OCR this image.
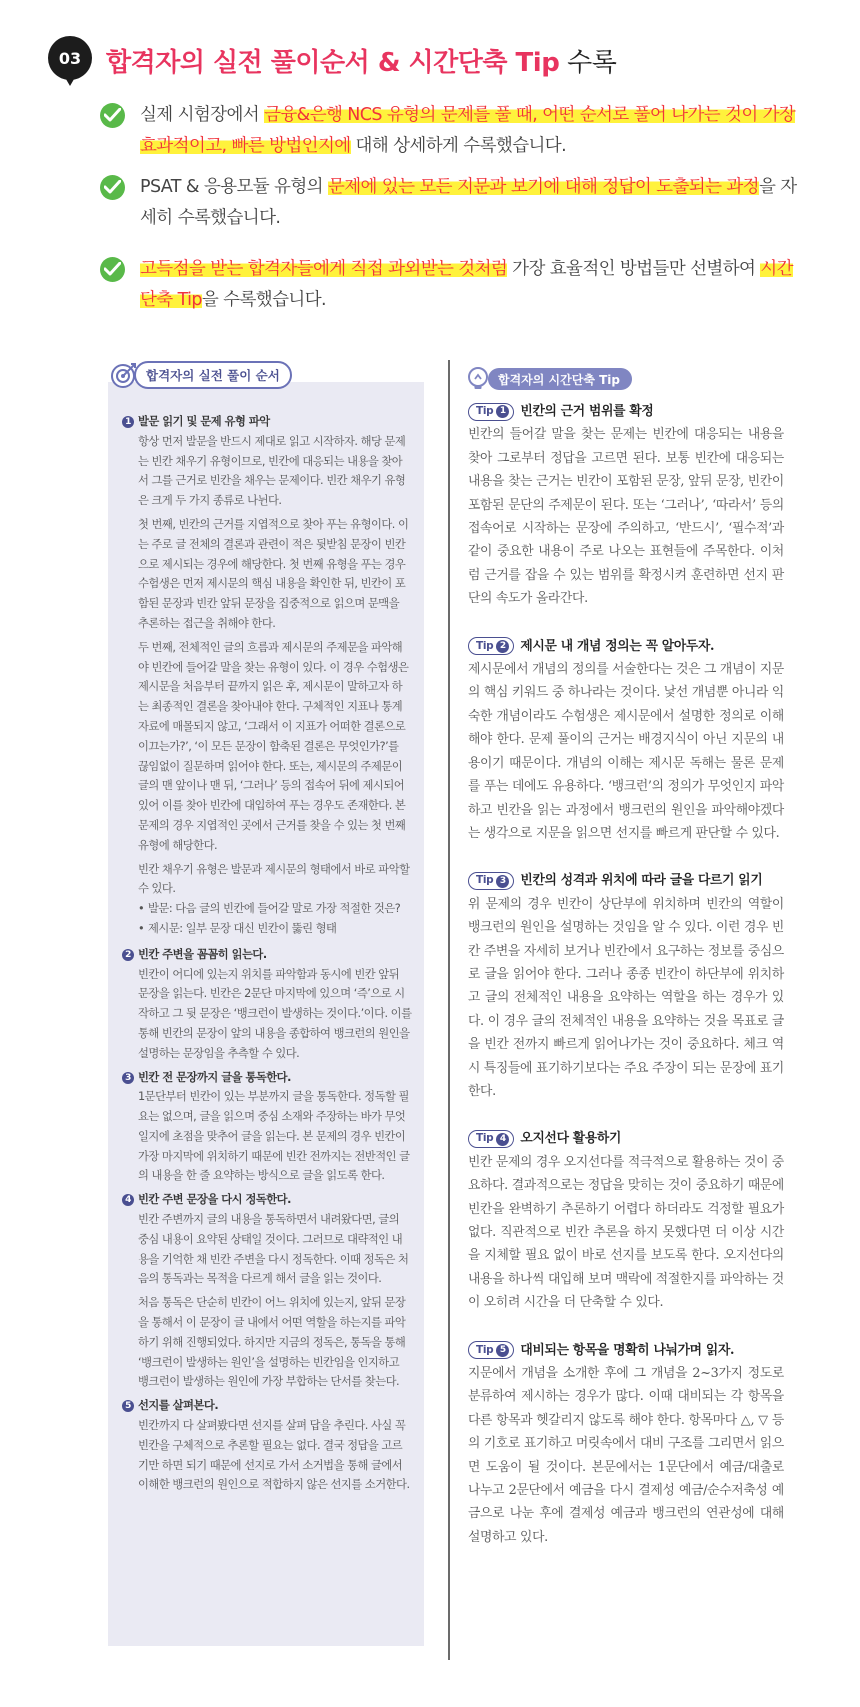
03 합격자의 실전 풀이순서 & 시간단축 Tip 수록
실제 시험장에서 금융&은행 NCS 유형의 문제를 풀 때, 어떤 순서로 풀어 나가는 것이 가장 효과적이고, 빠른 방법인지에 대해 상세하게 수록했습니다.
PSAT & 응용모듈 유형의 문제에 있는 모든 지문과 보기에 대해 정답이 도출되는 과정을 자세히 수록했습니다.
고득점을 받는 합격자들에게 직접 과외받는 것처럼 가장 효율적인 방법들만 선별하여 시간 단축 Tip을 수록했습니다.
합격자의 실전 풀이 순서
1 발문 읽기 및 문제 유형 파악
항상 먼저 발문을 반드시 제대로 읽고 시작하자. 해당 문제는 빈칸 채우기 유형이므로, 빈칸에 대응되는 내용을 찾아서 그를 근거로 빈칸을 채우는 문제이다. 빈칸 채우기 유형은 크게 두 가지 종류로 나뉜다.
첫 번째, 빈칸의 근거를 지엽적으로 찾아 푸는 유형이다. 이는 주로 글 전체의 결론과 관련이 적은 뒷받침 문장이 빈칸으로 제시되는 경우에 해당한다. 첫 번째 유형을 푸는 경우 수험생은 먼저 제시문의 핵심 내용을 확인한 뒤, 빈칸이 포함된 문장과 빈칸 앞뒤 문장을 집중적으로 읽으며 문맥을 추론하는 접근을 취해야 한다.
두 번째, 전체적인 글의 흐름과 제시문의 주제문을 파악해야 빈칸에 들어갈 말을 찾는 유형이 있다. 이 경우 수험생은 제시문을 처음부터 끝까지 읽은 후, 제시문이 말하고자 하는 최종적인 결론을 찾아내야 한다. 구체적인 지표나 통계 자료에 매몰되지 않고, ‘그래서 이 지표가 어떠한 결론으로 이끄는가?’, ‘이 모든 문장이 함축된 결론은 무엇인가?’를 끊임없이 질문하며 읽어야 한다. 또는, 제시문의 주제문이 글의 맨 앞이나 맨 뒤, ‘그러나’ 등의 접속어 뒤에 제시되어 있어 이를 찾아 빈칸에 대입하여 푸는 경우도 존재한다. 본 문제의 경우 지엽적인 곳에서 근거를 찾을 수 있는 첫 번째 유형에 해당한다.
빈칸 채우기 유형은 발문과 제시문의 형태에서 바로 파악할 수 있다.
• 발문: 다음 글의 빈칸에 들어갈 말로 가장 적절한 것은?
• 제시문: 일부 문장 대신 빈칸이 뚫린 형태
2 빈칸 주변을 꼼꼼히 읽는다.
빈칸이 어디에 있는지 위치를 파악함과 동시에 빈칸 앞뒤 문장을 읽는다. 빈칸은 2문단 마지막에 있으며 ‘즉’으로 시작하고 그 뒷 문장은 ‘뱅크런이 발생하는 것이다.’이다. 이를 통해 빈칸의 문장이 앞의 내용을 종합하여 뱅크런의 원인을 설명하는 문장임을 추측할 수 있다.
3 빈칸 전 문장까지 글을 통독한다.
1문단부터 빈칸이 있는 부분까지 글을 통독한다. 정독할 필요는 없으며, 글을 읽으며 중심 소재와 주장하는 바가 무엇일지에 초점을 맞추어 글을 읽는다. 본 문제의 경우 빈칸이 가장 마지막에 위치하기 때문에 빈칸 전까지는 전반적인 글의 내용을 한 줄 요약하는 방식으로 글을 읽도록 한다.
4 빈칸 주변 문장을 다시 정독한다.
빈칸 주변까지 글의 내용을 통독하면서 내려왔다면, 글의 중심 내용이 요약된 상태일 것이다. 그러므로 대략적인 내용을 기억한 채 빈칸 주변을 다시 정독한다. 이때 정독은 처음의 통독과는 목적을 다르게 해서 글을 읽는 것이다.
처음 통독은 단순히 빈칸이 어느 위치에 있는지, 앞뒤 문장을 통해서 이 문장이 글 내에서 어떤 역할을 하는지를 파악하기 위해 진행되었다. 하지만 지금의 정독은, 통독을 통해 ‘뱅크런이 발생하는 원인’을 설명하는 빈칸임을 인지하고 뱅크런이 발생하는 원인에 가장 부합하는 단서를 찾는다.
5 선지를 살펴본다.
빈칸까지 다 살펴봤다면 선지를 살펴 답을 추린다. 사실 꼭 빈칸을 구체적으로 추론할 필요는 없다. 결국 정답을 고르기만 하면 되기 때문에 선지로 가서 소거법을 통해 글에서 이해한 뱅크런의 원인으로 적합하지 않은 선지를 소거한다.
합격자의 시간단축 Tip
Tip 1 빈칸의 근거 범위를 확정
빈칸의 들어갈 말을 찾는 문제는 빈칸에 대응되는 내용을 찾아 그로부터 정답을 고르면 된다. 보통 빈칸에 대응되는 내용을 찾는 근거는 빈칸이 포함된 문장, 앞뒤 문장, 빈칸이 포함된 문단의 주제문이 된다. 또는 ‘그러나’, ‘따라서’ 등의 접속어로 시작하는 문장에 주의하고, ‘반드시’, ‘필수적’과 같이 중요한 내용이 주로 나오는 표현들에 주목한다. 이처럼 근거를 잡을 수 있는 범위를 확정시켜 훈련하면 선지 판단의 속도가 올라간다.
Tip 2 제시문 내 개념 정의는 꼭 알아두자.
제시문에서 개념의 정의를 서술한다는 것은 그 개념이 지문의 핵심 키워드 중 하나라는 것이다. 낯선 개념뿐 아니라 익숙한 개념이라도 수험생은 제시문에서 설명한 정의로 이해해야 한다. 문제 풀이의 근거는 배경지식이 아닌 지문의 내용이기 때문이다. 개념의 이해는 제시문 독해는 물론 문제를 푸는 데에도 유용하다. ‘뱅크런’의 정의가 무엇인지 파악하고 빈칸을 읽는 과정에서 뱅크런의 원인을 파악해야겠다는 생각으로 지문을 읽으면 선지를 빠르게 판단할 수 있다.
Tip 3 빈칸의 성격과 위치에 따라 글을 다르기 읽기
위 문제의 경우 빈칸이 상단부에 위치하며 빈칸의 역할이 뱅크런의 원인을 설명하는 것임을 알 수 있다. 이런 경우 빈칸 주변을 자세히 보거나 빈칸에서 요구하는 정보를 중심으로 글을 읽어야 한다. 그러나 종종 빈칸이 하단부에 위치하고 글의 전체적인 내용을 요약하는 역할을 하는 경우가 있다. 이 경우 글의 전체적인 내용을 요약하는 것을 목표로 글을 빈칸 전까지 빠르게 읽어나가는 것이 중요하다. 체크 역시 특징들에 표기하기보다는 주요 주장이 되는 문장에 표기한다.
Tip 4 오지선다 활용하기
빈칸 문제의 경우 오지선다를 적극적으로 활용하는 것이 중요하다. 결과적으로는 정답을 맞히는 것이 중요하기 때문에 빈칸을 완벽하기 추론하기 어렵다 하더라도 걱정할 필요가 없다. 직관적으로 빈칸 추론을 하지 못했다면 더 이상 시간을 지체할 필요 없이 바로 선지를 보도록 한다. 오지선다의 내용을 하나씩 대입해 보며 맥락에 적절한지를 파악하는 것이 오히려 시간을 더 단축할 수 있다.
Tip 5 대비되는 항목을 명확히 나눠가며 읽자.
지문에서 개념을 소개한 후에 그 개념을 2~3가지 정도로 분류하여 제시하는 경우가 많다. 이때 대비되는 각 항목을 다른 항목과 헷갈리지 않도록 해야 한다. 항목마다 △, ▽ 등의 기호로 표기하고 머릿속에서 대비 구조를 그리면서 읽으면 도움이 될 것이다. 본문에서는 1문단에서 예금/대출로 나누고 2문단에서 예금을 다시 결제성 예금/순수저축성 예금으로 나눈 후에 결제성 예금과 뱅크런의 연관성에 대해 설명하고 있다.
